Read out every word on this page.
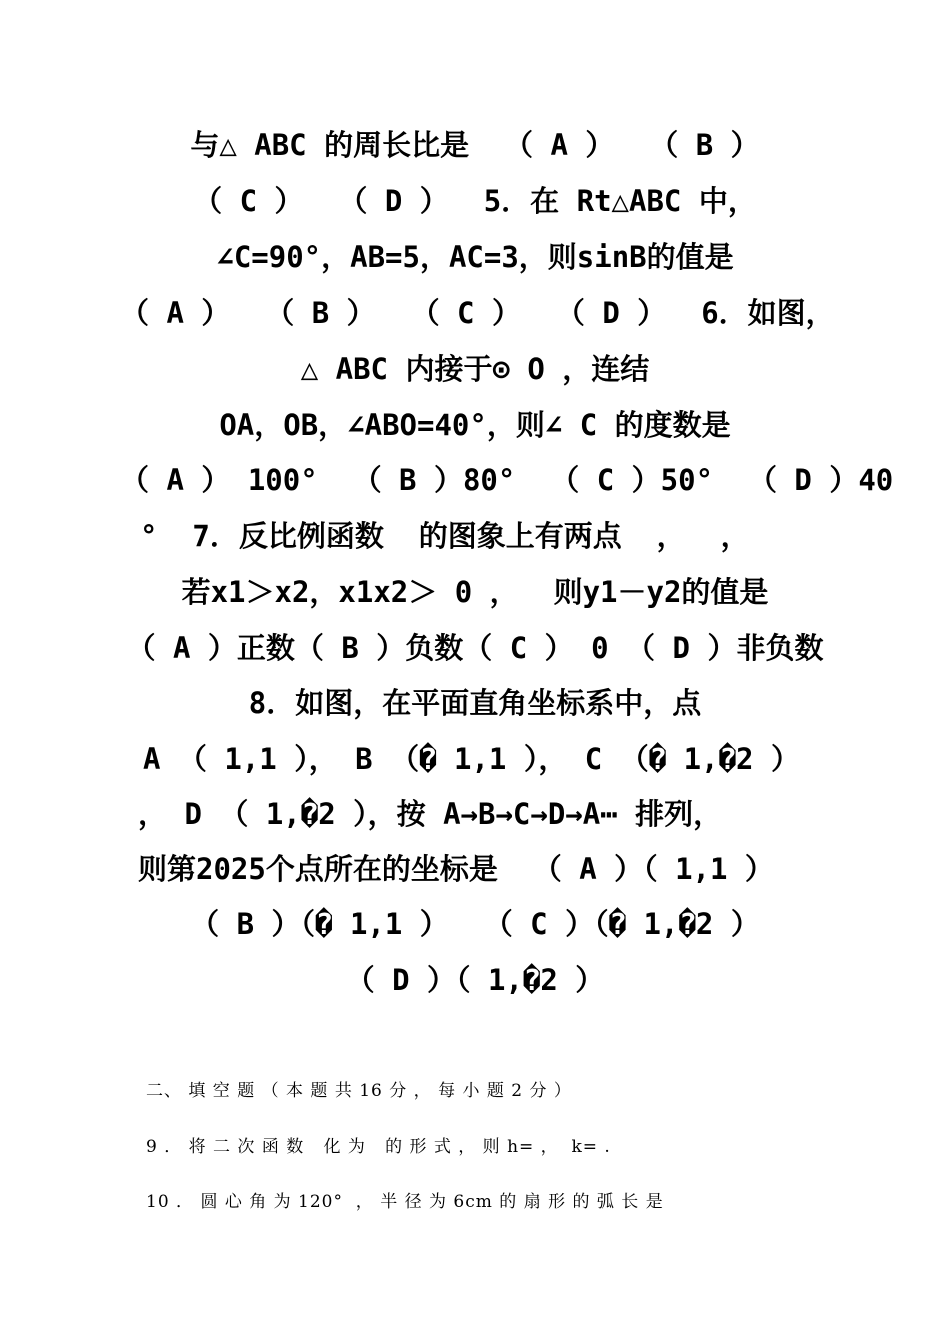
与△ ABC 的周长比是  （ A ）  （ B ）
（ C ）  （ D ）  5．在 Rt△ABC 中，
∠C=90°，AB=5，AC=3，则sinB的值是
（ A ）  （ B ）  （ C ）  （ D ）  6．如图，
△ ABC 内接于⊙ O ，连结
OA，OB，∠ABO=40°，则∠ C 的度数是
（ A ） 100°  （ B ）80°  （ C ）50°  （ D ）40
°  7．反比例函数  的图象上有两点  ，  ，
若x1＞x2，x1x2＞ 0 ，  则y1－y2的值是
（ A ）正数（ B ）负数（ C ） 0 （ D ）非负数
8．如图，在平面直角坐标系中，点
A （ 1,1 ）， B （� 1,1 ）， C （� 1,�2 ）
， D （ 1,�2 ），按 A→B→C→D→A⋯ 排列，
则第2025个点所在的坐标是  （ A ）（ 1,1 ）
（ B ）（� 1,1 ）  （ C ）（� 1,�2 ）
（ D ）（ 1,�2 ）
二、 填 空 题 （ 本 题 共 16 分 ， 每 小 题 2 分 ）
9 ． 将 二 次 函 数   化 为   的 形 式 ， 则 h= ，  k= .
10 ． 圆 心 角 为 120°  ， 半 径 为 6cm 的 扇 形 的 弧 长 是
